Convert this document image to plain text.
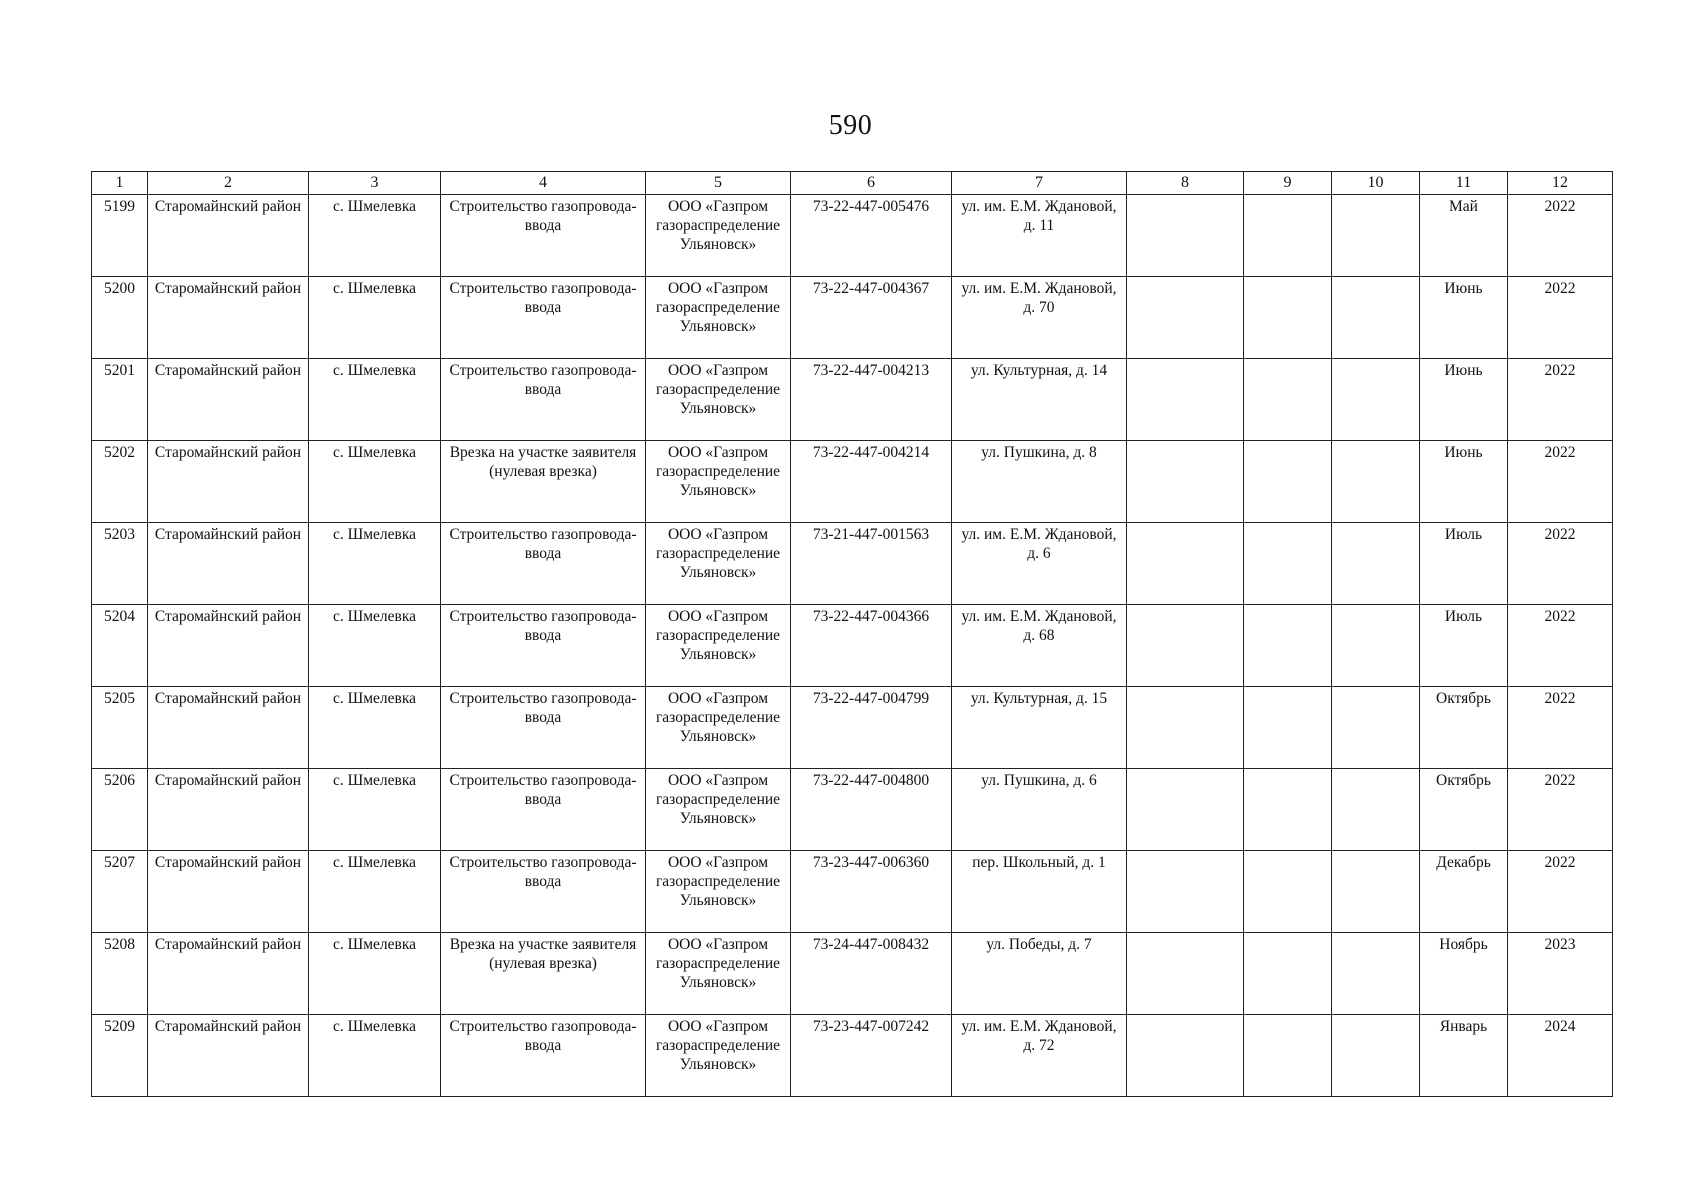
590
1	2	3	4	5	6	7	8	9	10	11	12
5199	Старомайнский район	с. Шмелевка	Строительство газопровода-ввода	ООО «Газпром газораспределение Ульяновск»	73-22-447-005476	ул. им. Е.М. Ждановой, д. 11				Май	2022
5200	Старомайнский район	с. Шмелевка	Строительство газопровода-ввода	ООО «Газпром газораспределение Ульяновск»	73-22-447-004367	ул. им. Е.М. Ждановой, д. 70				Июнь	2022
5201	Старомайнский район	с. Шмелевка	Строительство газопровода-ввода	ООО «Газпром газораспределение Ульяновск»	73-22-447-004213	ул. Культурная, д. 14				Июнь	2022
5202	Старомайнский район	с. Шмелевка	Врезка на участке заявителя (нулевая врезка)	ООО «Газпром газораспределение Ульяновск»	73-22-447-004214	ул. Пушкина, д. 8				Июнь	2022
5203	Старомайнский район	с. Шмелевка	Строительство газопровода-ввода	ООО «Газпром газораспределение Ульяновск»	73-21-447-001563	ул. им. Е.М. Ждановой, д. 6				Июль	2022
5204	Старомайнский район	с. Шмелевка	Строительство газопровода-ввода	ООО «Газпром газораспределение Ульяновск»	73-22-447-004366	ул. им. Е.М. Ждановой, д. 68				Июль	2022
5205	Старомайнский район	с. Шмелевка	Строительство газопровода-ввода	ООО «Газпром газораспределение Ульяновск»	73-22-447-004799	ул. Культурная, д. 15				Октябрь	2022
5206	Старомайнский район	с. Шмелевка	Строительство газопровода-ввода	ООО «Газпром газораспределение Ульяновск»	73-22-447-004800	ул. Пушкина, д. 6				Октябрь	2022
5207	Старомайнский район	с. Шмелевка	Строительство газопровода-ввода	ООО «Газпром газораспределение Ульяновск»	73-23-447-006360	пер. Школьный, д. 1				Декабрь	2022
5208	Старомайнский район	с. Шмелевка	Врезка на участке заявителя (нулевая врезка)	ООО «Газпром газораспределение Ульяновск»	73-24-447-008432	ул. Победы, д. 7				Ноябрь	2023
5209	Старомайнский район	с. Шмелевка	Строительство газопровода-ввода	ООО «Газпром газораспределение Ульяновск»	73-23-447-007242	ул. им. Е.М. Ждановой, д. 72				Январь	2024
